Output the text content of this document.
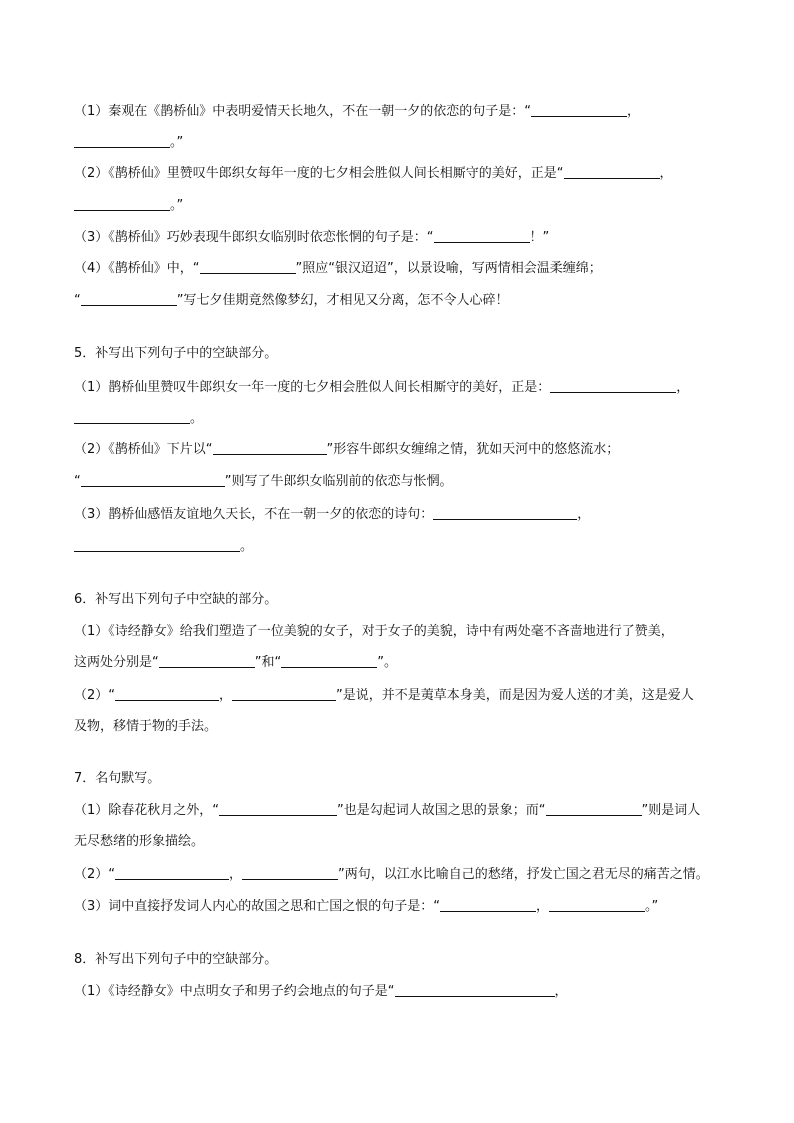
（1）秦观在《鹊桥仙》中表明爱情天长地久，不在一朝一夕的依恋的句子是：“	，
。”
（2）《鹊桥仙》里赞叹牛郎织女每年一度的七夕相会胜似人间长相厮守的美好，正是“	，
。”
（3）《鹊桥仙》巧妙表现牛郎织女临别时依恋怅惘的句子是：“	！”
（4）《鹊桥仙》中，“	”照应“银汉迢迢”，以景设喻，写两情相会温柔缠绵；
“	”写七夕佳期竟然像梦幻，才相见又分离，怎不令人心碎！
5．补写出下列句子中的空缺部分。
（1）鹊桥仙里赞叹牛郎织女一年一度的七夕相会胜似人间长相厮守的美好，正是：	，
。
（2）《鹊桥仙》下片以“	”形容牛郎织女缠绵之情，犹如天河中的悠悠流水；
“	”则写了牛郎织女临别前的依恋与怅惘。
（3）鹊桥仙感悟友谊地久天长，不在一朝一夕的依恋的诗句：	，
。
6．补写出下列句子中空缺的部分。
（1）《诗经静女》给我们塑造了一位美貌的女子，对于女子的美貌，诗中有两处毫不吝啬地进行了赞美，
这两处分别是“	”和“	”。
（2）“	，	”是说，并不是荑草本身美，而是因为爱人送的才美，这是爱人
及物，移情于物的手法。
7．名句默写。
（1）除春花秋月之外，“	”也是勾起词人故国之思的景象；而“	”则是词人
无尽愁绪的形象描绘。
（2）“	，	”两句，以江水比喻自己的愁绪，抒发亡国之君无尽的痛苦之情。
（3）词中直接抒发词人内心的故国之思和亡国之恨的句子是：“	，	。”
8．补写出下列句子中的空缺部分。
（1）《诗经静女》中点明女子和男子约会地点的句子是“	，
